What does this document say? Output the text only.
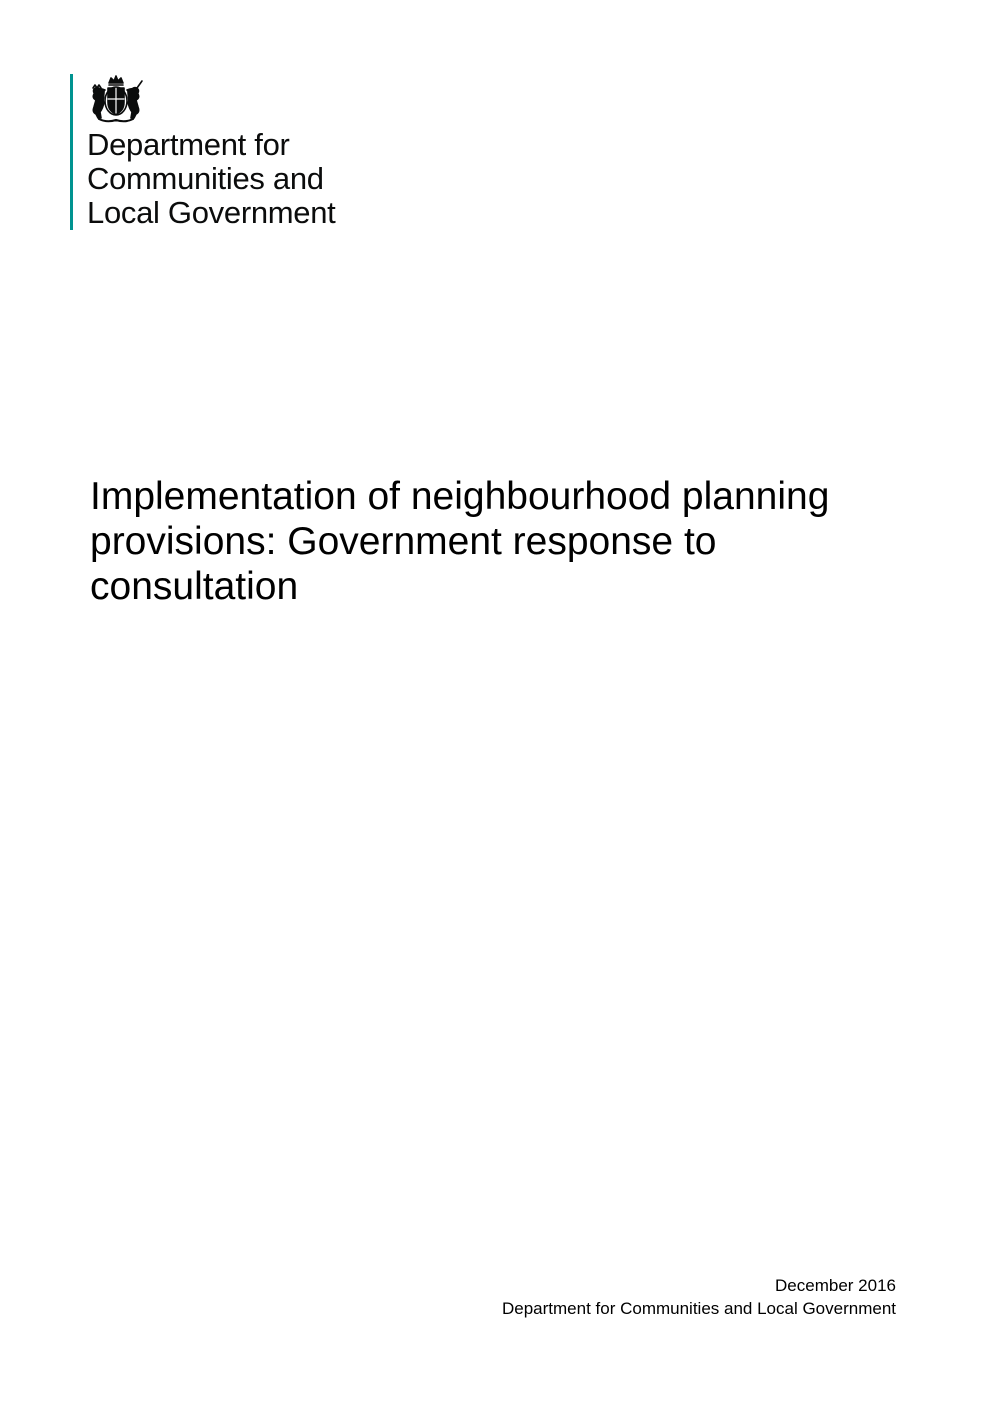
Department for
Communities and
Local Government
Implementation of neighbourhood planning
provisions: Government response to
consultation
December 2016
Department for Communities and Local Government
